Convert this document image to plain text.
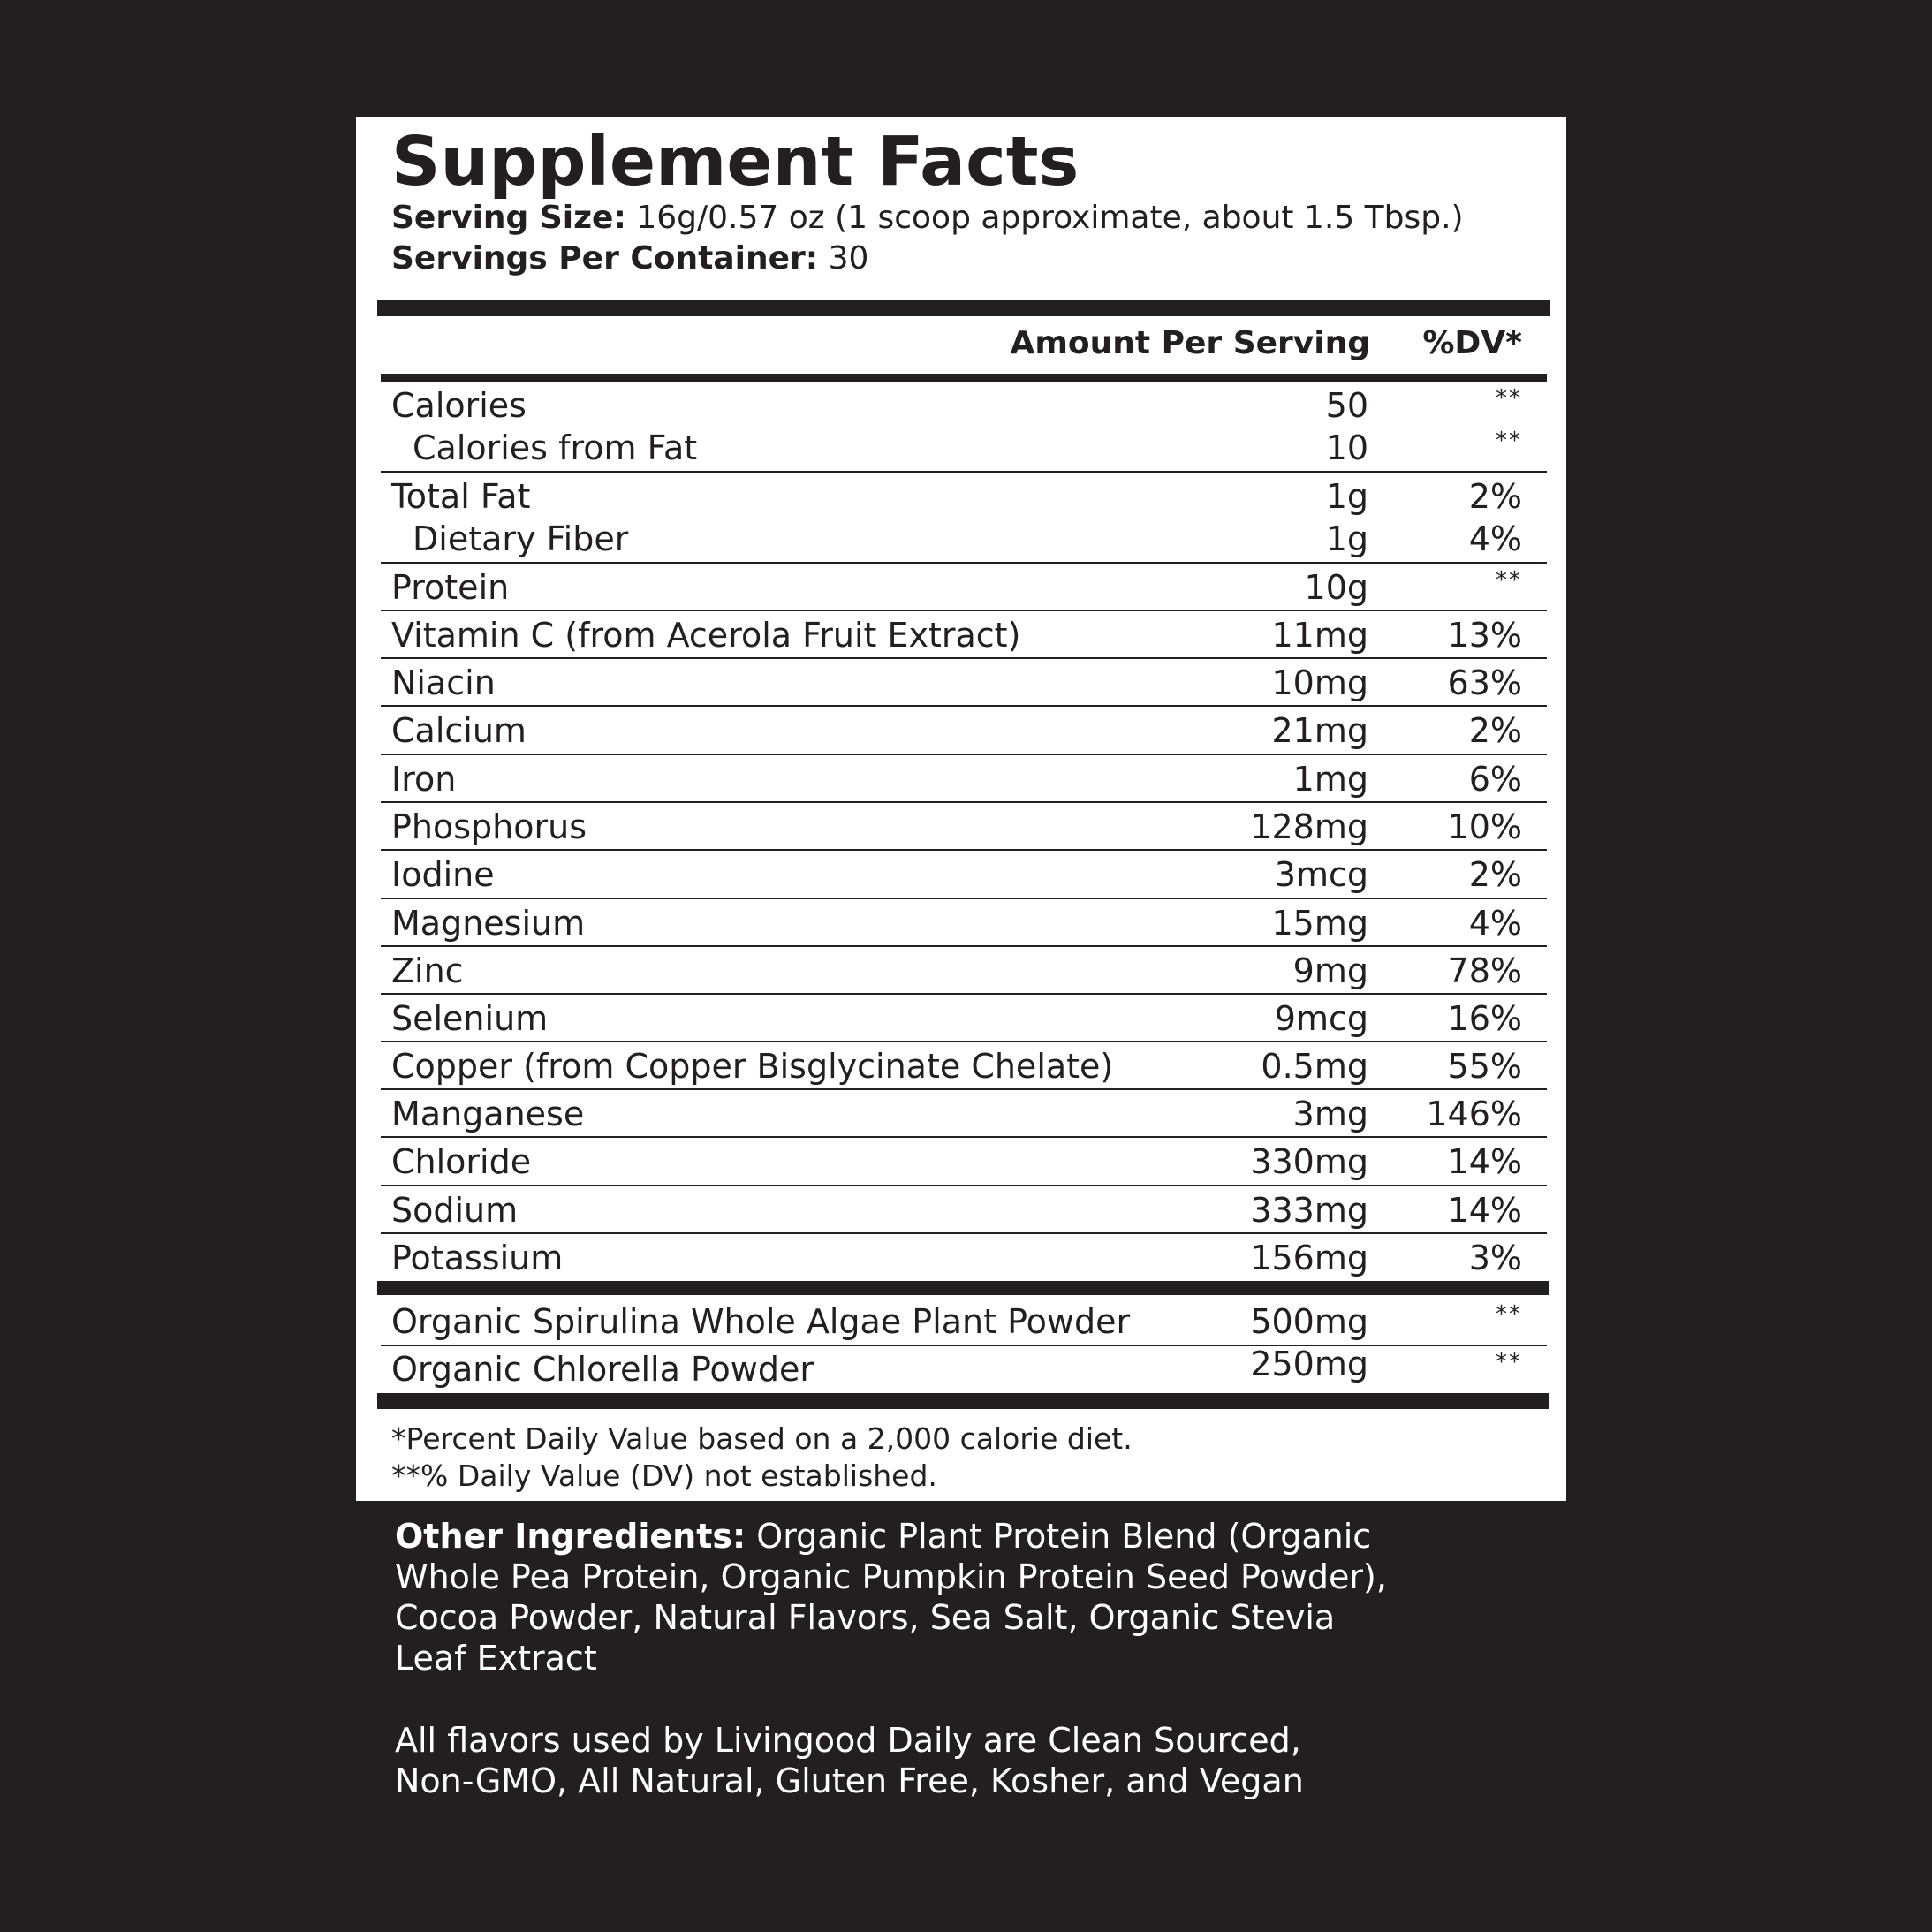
Supplement Facts
Serving Size: 16g/0.57 oz (1 scoop approximate, about 1.5 Tbsp.)
Servings Per Container: 30
Amount Per Serving %DV*
Calories	50	**
Calories from Fat	10	**
Total Fat	1g	2%
Dietary Fiber	1g	4%
Protein	10g	**
Vitamin C (from Acerola Fruit Extract)	11mg 13%
Niacin	10mg 63%
Calcium	21mg	2%
Iron	1mg	6%
Phosphorus	128mg 10%
Iodine	3mcg	2%
Magnesium	15mg	4%
Zinc	9mg 78%
Selenium	9mcg 16%
Copper (from Copper Bisglycinate Chelate)	0.5mg 55%
Manganese	3mg 146%
Chloride	330mg 14%
Sodium	333mg 14%
Potassium	156mg	3%
Organic Spirulina Whole Algae Plant Powder	500mg	**
Organic Chlorella Powder	250mg	**
*Percent Daily Value based on a 2,000 calorie diet.
**% Daily Value (DV) not established.
Other Ingredients: Organic Plant Protein Blend (Organic
Whole Pea Protein, Organic Pumpkin Protein Seed Powder),
Cocoa Powder, Natural Flavors, Sea Salt, Organic Stevia
Leaf Extract
All flavors used by Livingood Daily are Clean Sourced,
Non-GMO, All Natural, Gluten Free, Kosher, and Vegan
